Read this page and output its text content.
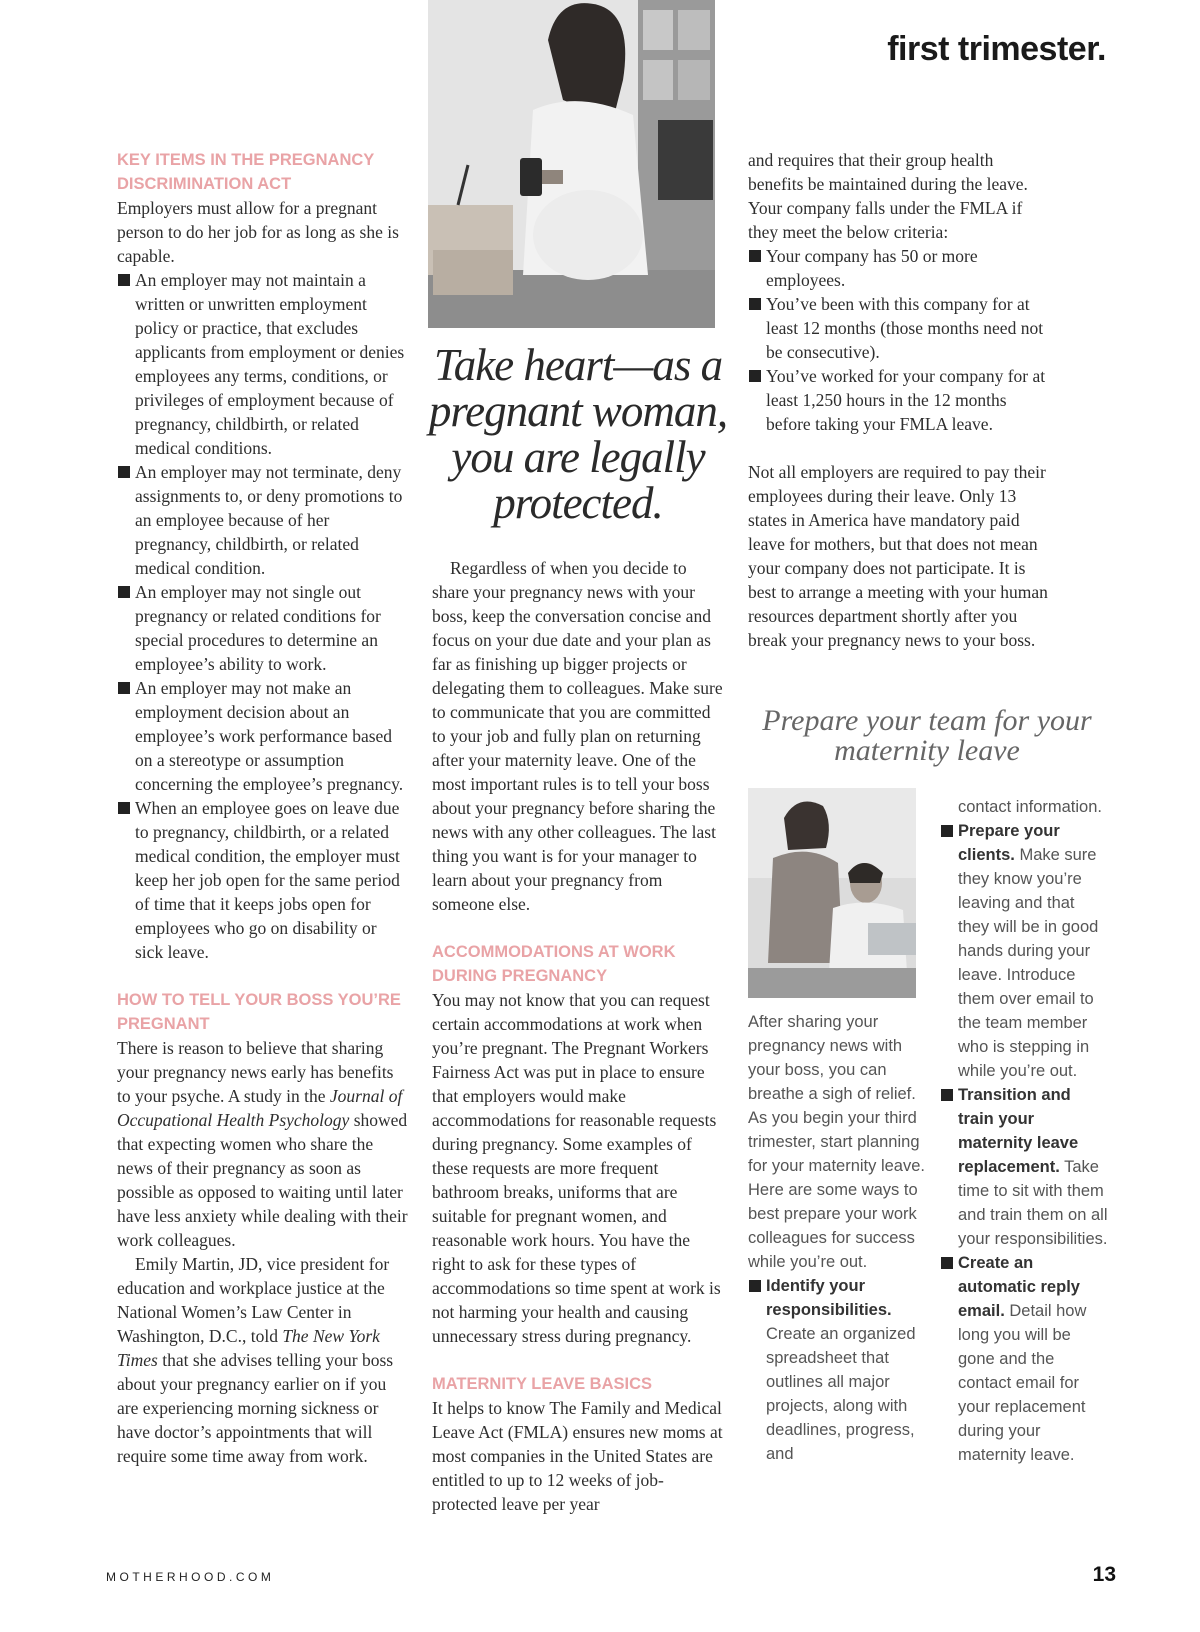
first trimester.
Take heart—as a pregnant woman, you are legally protected.

KEY ITEMS IN THE PREGNANCY DISCRIMINATION ACT

Employers must allow for a pregnant person to do her job for as long as she is capable.

An employer may not maintain a written or unwritten employment policy or practice, that excludes applicants from employment or denies employees any terms, conditions, or privileges of employment because of pregnancy, childbirth, or related medical conditions.
An employer may not terminate, deny assignments to, or deny promotions to an employee because of her pregnancy, childbirth, or related medical condition.
An employer may not single out pregnancy or related conditions for special procedures to determine an employee’s ability to work.
An employer may not make an employment decision about an employee’s work performance based on a stereotype or assumption concerning the employee’s pregnancy.
When an employee goes on leave due to pregnancy, childbirth, or a related medical condition, the employer must keep her job open for the same period of time that it keeps jobs open for employees who go on disability or sick leave.

HOW TO TELL YOUR BOSS YOU’RE PREGNANT

There is reason to believe that sharing your pregnancy news early has benefits to your psyche. A study in the Journal of Occupational Health Psychology showed that expecting women who share the news of their pregnancy as soon as possible as opposed to waiting until later have less anxiety while dealing with their work colleagues.

Emily Martin, JD, vice president for education and workplace justice at the National Women’s Law Center in Washington, D.C., told The New York Times that she advises telling your boss about your pregnancy earlier on if you are experiencing morning sickness or have doctor’s appointments that will require some time away from work.

Regardless of when you decide to share your pregnancy news with your boss, keep the conversation concise and focus on your due date and your plan as far as finishing up bigger projects or delegating them to colleagues. Make sure to communicate that you are committed to your job and fully plan on returning after your maternity leave. One of the most important rules is to tell your boss about your pregnancy before sharing the news with any other colleagues. The last thing you want is for your manager to learn about your pregnancy from someone else.

ACCOMMODATIONS AT WORK DURING PREGNANCY

You may not know that you can request certain accommodations at work when you’re pregnant. The Pregnant Workers Fairness Act was put in place to ensure that employers would make accommodations for reasonable requests during pregnancy. Some examples of these requests are more frequent bathroom breaks, uniforms that are suitable for pregnant women, and reasonable work hours. You have the right to ask for these types of accommodations so time spent at work is not harming your health and causing unnecessary stress during pregnancy.

MATERNITY LEAVE BASICS

It helps to know The Family and Medical Leave Act (FMLA) ensures new moms at most companies in the United States are entitled to up to 12 weeks of job-protected leave per year

and requires that their group health benefits be maintained during the leave. Your company falls under the FMLA if they meet the below criteria:

Your company has 50 or more employees.
You’ve been with this company for at least 12 months (those months need not be consecutive).
You’ve worked for your company for at least 1,250 hours in the 12 months before taking your FMLA leave.

Not all employers are required to pay their employees during their leave. Only 13 states in America have mandatory paid leave for mothers, but that does not mean your company does not participate. It is best to arrange a meeting with your human resources department shortly after you break your pregnancy news to your boss.

Prepare your team for your maternity leave

After sharing your pregnancy news with your boss, you can breathe a sigh of relief. As you begin your third trimester, start planning for your maternity leave. Here are some ways to best prepare your work colleagues for success while you’re out.

Identify your responsibilities. Create an organized spreadsheet that outlines all major projects, along with deadlines, progress, and

contact information.

Prepare your clients. Make sure they know you’re leaving and that they will be in good hands during your leave. Introduce them over email to the team member who is stepping in while you’re out.
Transition and train your maternity leave replacement. Take time to sit with them and train them on all your responsibilities.
Create an automatic reply email. Detail how long you will be gone and the contact email for your replacement during your maternity leave.
MOTHERHOOD.COM	13
